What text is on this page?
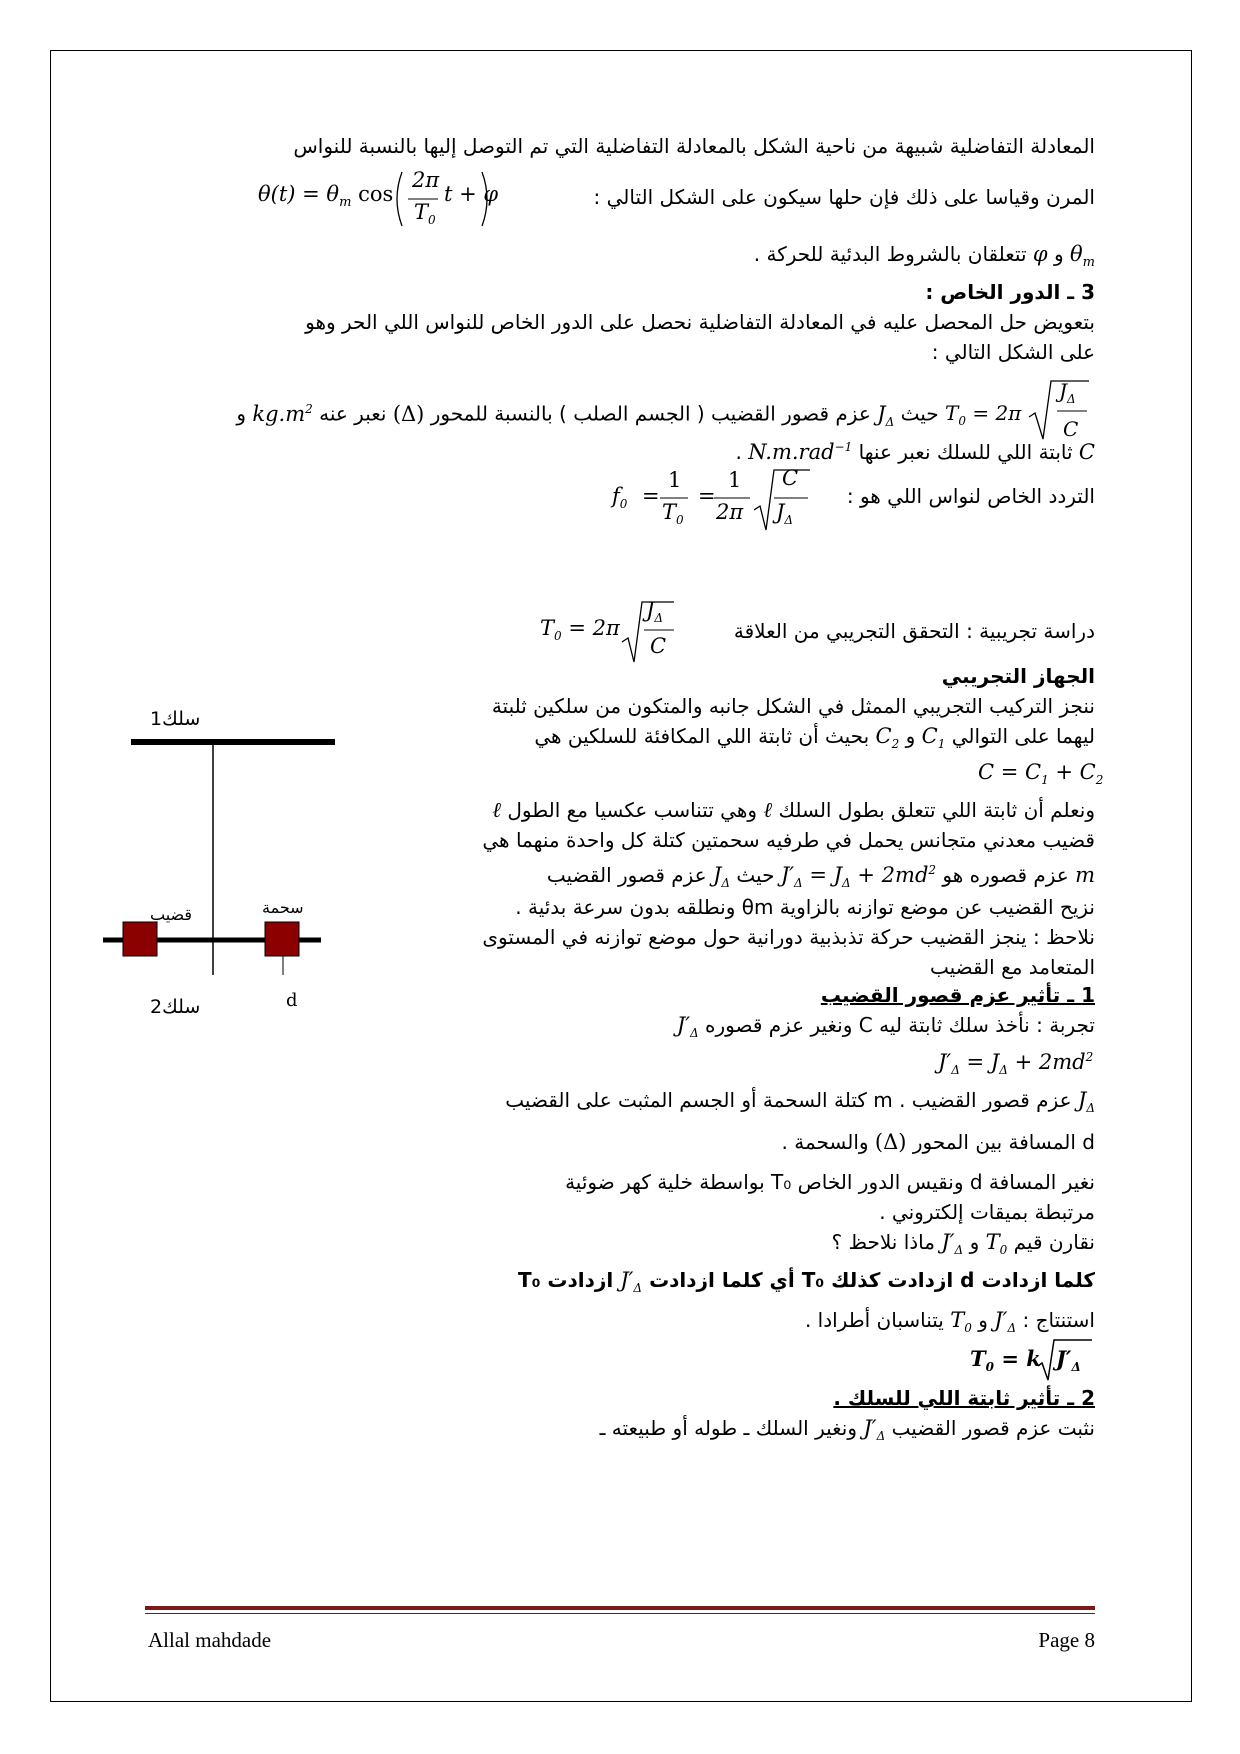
المعادلة التفاضلية شبيهة من ناحية الشكل بالمعادلة التفاضلية التي تم التوصل إليها بالنسبة للنواس
المرن وقياسا على ذلك فإن حلها سيكون على الشكل التالي :
$\theta(t) = \theta_m$ cos
2π
$T_0$
t + φ
$\theta_m$ و φ تتعلقان بالشروط البدئية للحركة .
3 ـ الدور الخاص :
بتعويض حل المحصل عليه في المعادلة التفاضلية نحصل على الدور الخاص للنواس اللي الحر وهو
على الشكل التالي :
$T_0 = 2\pi$
$J_\Delta$
C
حيث $J_\Delta$ عزم قصور القضيب ( الجسم الصلب ) بالنسبة للمحور (Δ) نعبر عنه $kg.m^2$ و
C ثابتة اللي للسلك نعبر عنها N.m.rad$^{-1}$ .
التردد الخاص لنواس اللي هو :
$f_0$ =
1
$T_0$
=
1
2π
C
$J_\Delta$
دراسة تجريبية : التحقق التجريبي من العلاقة
$T_0 = 2\pi$
$J_\Delta$
C
سلك1
سلك2
قضيب	سحمة
d
الجهاز التجريبي
ننجز التركيب التجريبي الممثل في الشكل جانبه والمتكون من سلكين ثلبتة
ليهما على التوالي $C_1$ و $C_2$ بحيث أن ثابتة اللي المكافئة للسلكين هي
$C = C_1 + C_2$
ونعلم أن ثابتة اللي تتعلق بطول السلك ℓ وهي تتناسب عكسيا مع الطول ℓ
قضيب معدني متجانس يحمل في طرفيه سحمتين كتلة كل واحدة منهما هي
m عزم قصوره هو $J'_\Delta = J_\Delta + 2md^2$ حيث $J_\Delta$ عزم قصور القضيب
نزيح القضيب عن موضع توازنه بالزاوية θm ونطلقه بدون سرعة بدئية .
نلاحظ : ينجز القضيب حركة تذبذبية دورانية حول موضع توازنه في المستوى
المتعامد مع القضيب
1 ـ تأثير عزم قصور القضيب
تجربة : نأخذ سلك ثابتة ليه C ونغير عزم قصوره $J'_\Delta$
$J'_\Delta = J_\Delta + 2md^2$
$J_\Delta$ عزم قصور القضيب . m كتلة السحمة أو الجسم المثبت على القضيب
d المسافة بين المحور (Δ) والسحمة .
نغير المسافة d ونقيس الدور الخاص T₀ بواسطة خلية كهر ضوئية
مرتبطة بميقات إلكتروني .
نقارن قيم $T_0$ و $J'_\Delta$ ماذا نلاحظ ؟
كلما ازدادت d ازدادت كذلك T₀ أي كلما ازدادت $J'_\Delta$ ازدادت T₀
استنتاج : $J'_\Delta$ و $T_0$ يتناسبان أطرادا .
$T_0 = k$ $J'_\Delta$
2 ـ تأثير ثابتة اللي للسلك .
نثبت عزم قصور القضيب $J'_\Delta$ ونغير السلك ـ طوله أو طبيعته ـ
Allal mahdade	Page 8
